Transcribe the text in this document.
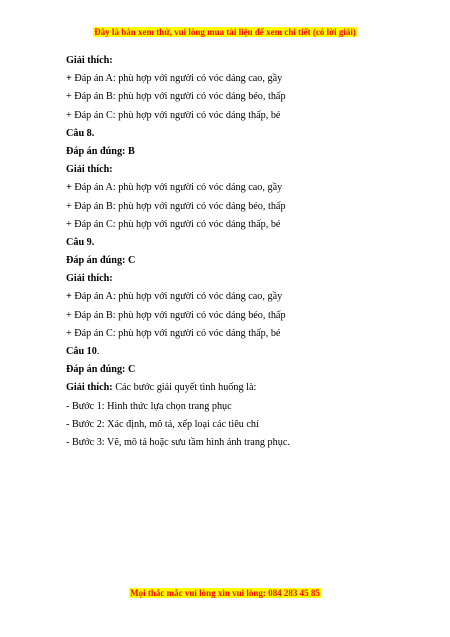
Đây là bản xem thử, vui lòng mua tài liệu để xem chi tiết (có lời giải)
Giải thích:
+ Đáp án A: phù hợp với người có vóc dáng cao, gầy
+ Đáp án B: phù hợp với người có vóc dáng béo, thấp
+ Đáp án C: phù hợp với người có vóc dáng thấp, bé
Câu 8.
Đáp án đúng: B
Giải thích:
+ Đáp án A: phù hợp với người có vóc dáng cao, gầy
+ Đáp án B: phù hợp với người có vóc dáng béo, thấp
+ Đáp án C: phù hợp với người có vóc dáng thấp, bé
Câu 9.
Đáp án đúng: C
Giải thích:
+ Đáp án A: phù hợp với người có vóc dáng cao, gầy
+ Đáp án B: phù hợp với người có vóc dáng béo, thấp
+ Đáp án C: phù hợp với người có vóc dáng thấp, bé
Câu 10.
Đáp án đúng: C
Giải thích: Các bước giải quyết tình huống là:
- Bước 1: Hình thức lựa chọn trang phục
- Bước 2: Xác định, mô tả, xếp loại các tiêu chí
- Bước 3: Vẽ, mô tả hoặc sưu tầm hình ảnh trang phục.
Mọi thắc mắc vui lòng xin vui lòng: 084 283 45 85
